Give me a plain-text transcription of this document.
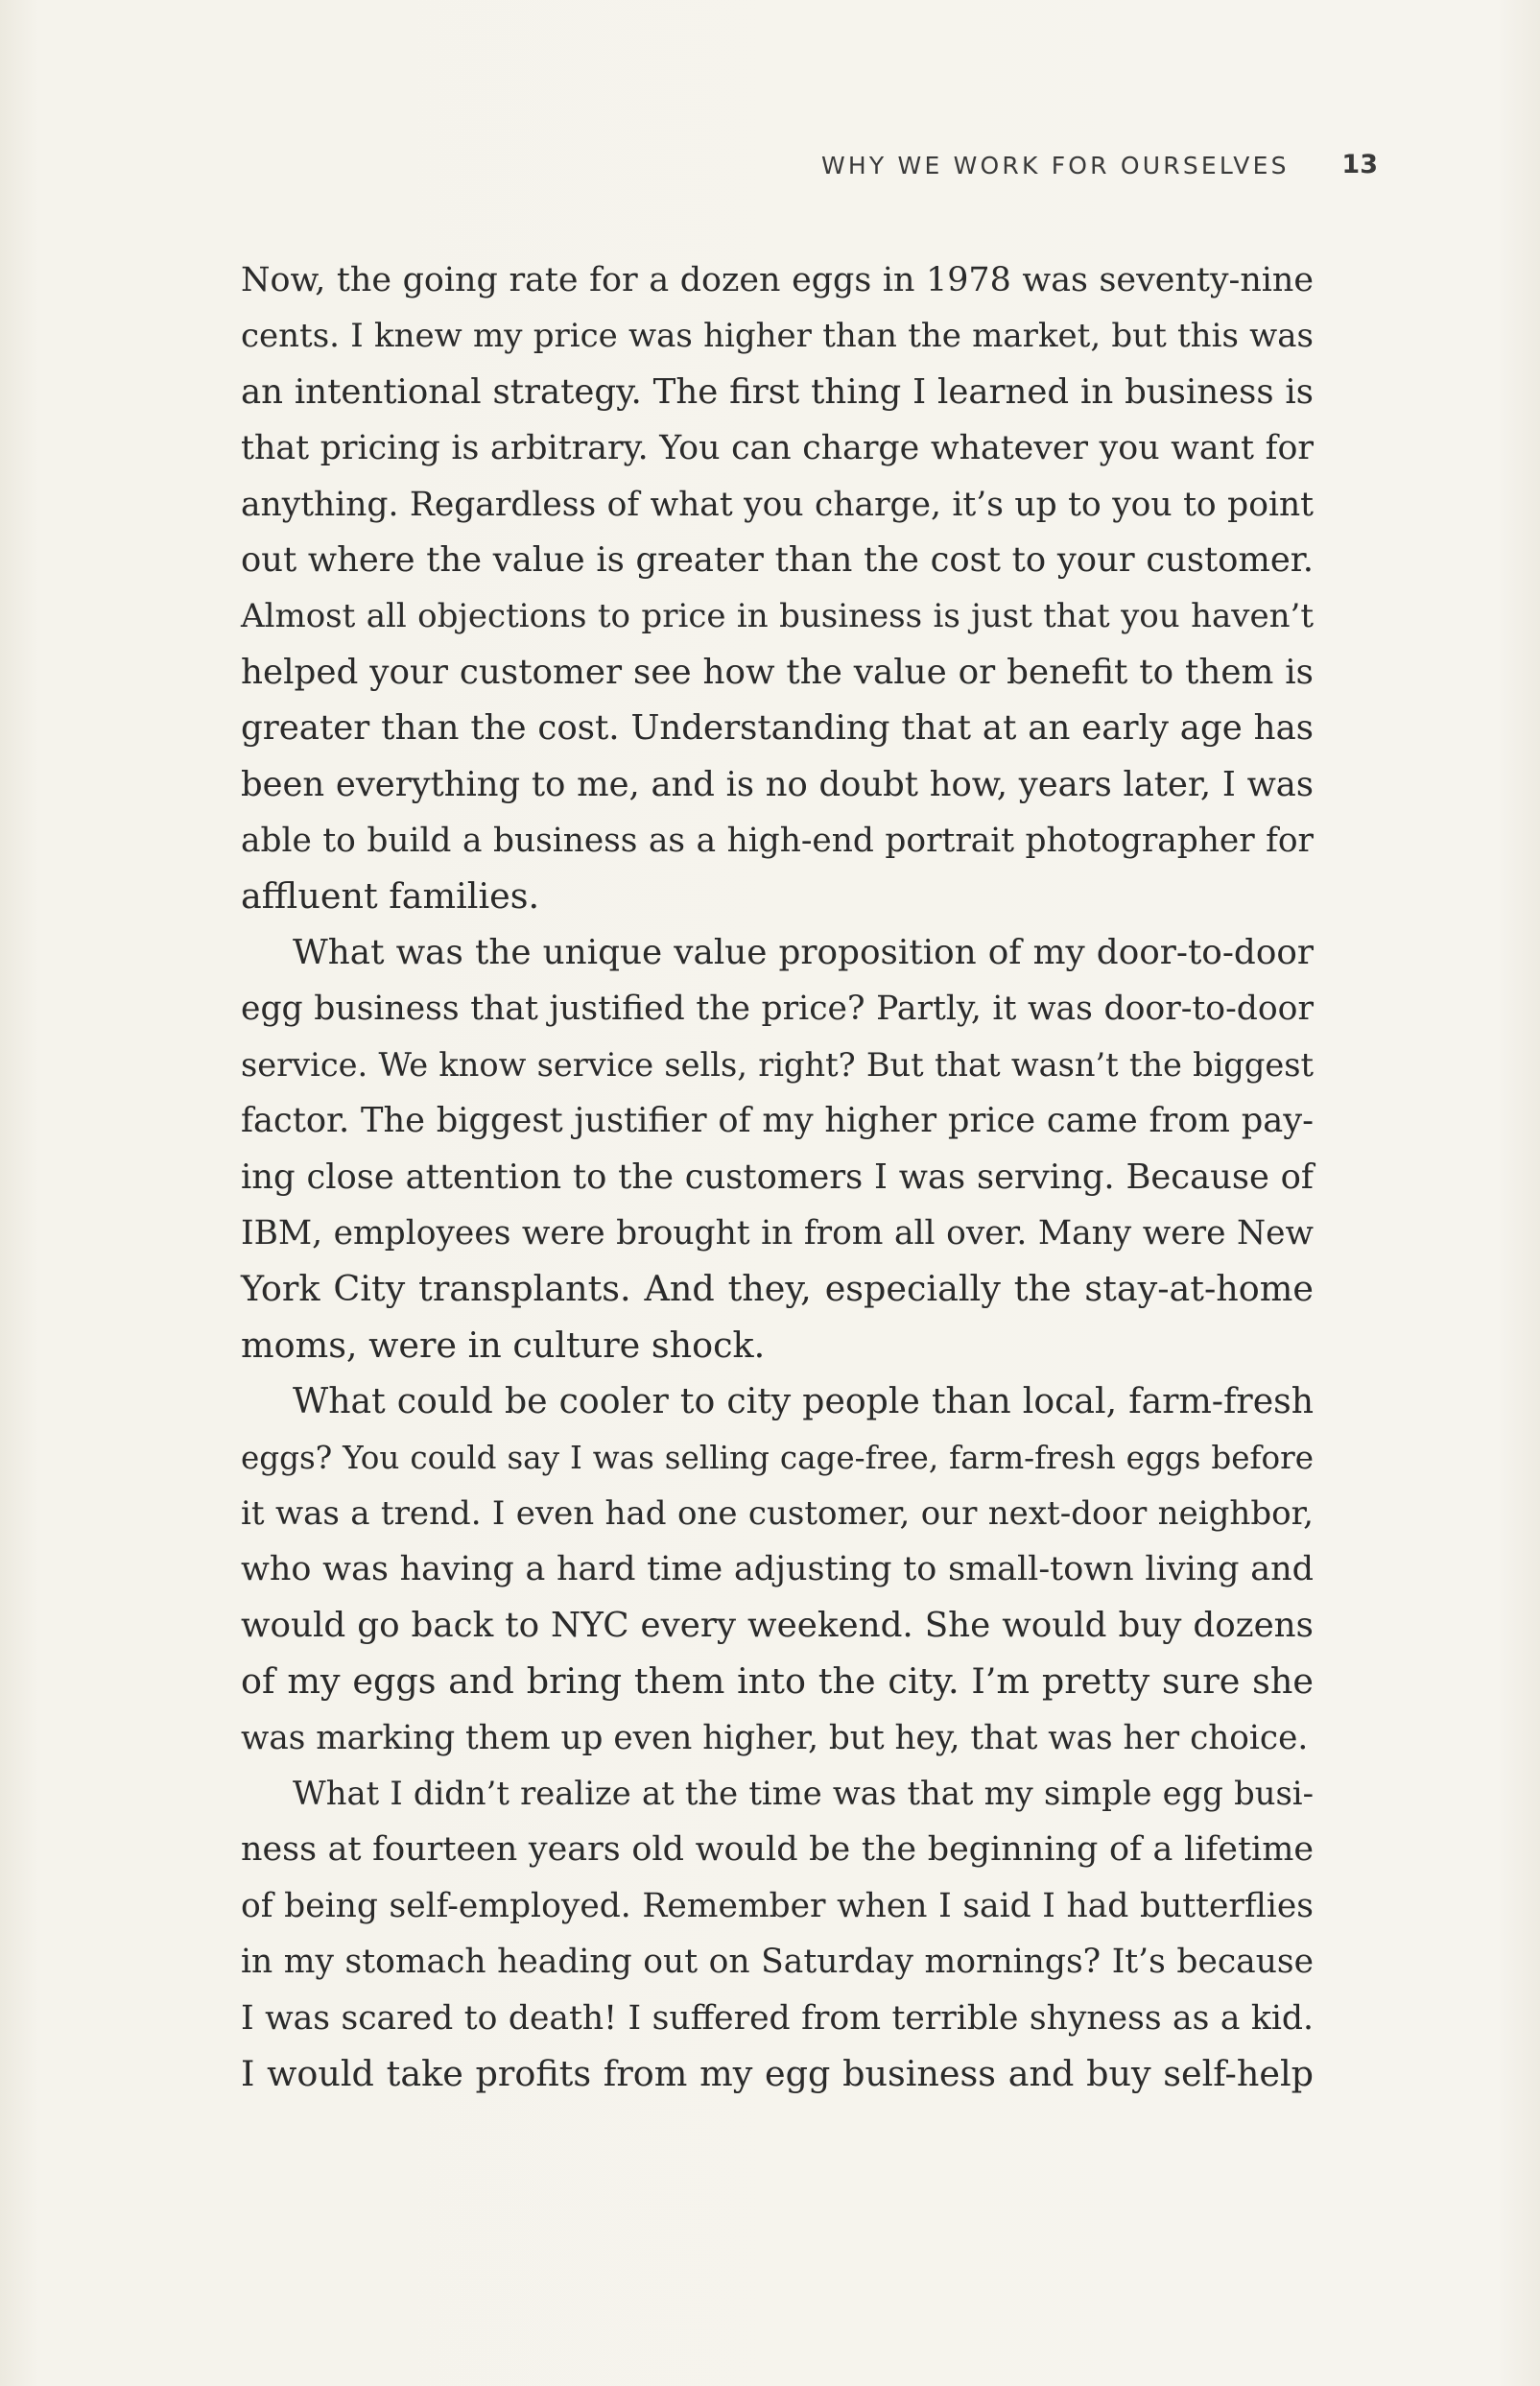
WHY WE WORK FOR OURSELVES 13

Now, the going rate for a dozen eggs in 1978 was seventy-nine
cents. I knew my price was higher than the market, but this was
an intentional strategy. The first thing I learned in business is
that pricing is arbitrary. You can charge whatever you want for
anything. Regardless of what you charge, it’s up to you to point
out where the value is greater than the cost to your customer.
Almost all objections to price in business is just that you haven’t
helped your customer see how the value or benefit to them is
greater than the cost. Understanding that at an early age has
been everything to me, and is no doubt how, years later, I was
able to build a business as a high-end portrait photographer for
affluent families.

What was the unique value proposition of my door-to-door
egg business that justified the price? Partly, it was door-to-door
service. We know service sells, right? But that wasn’t the biggest
factor. The biggest justifier of my higher price came from pay-
ing close attention to the customers I was serving. Because of
IBM, employees were brought in from all over. Many were New
York City transplants. And they, especially the stay-at-home
moms, were in culture shock.

What could be cooler to city people than local, farm-fresh
eggs? You could say I was selling cage-free, farm-fresh eggs before
it was a trend. I even had one customer, our next-door neighbor,
who was having a hard time adjusting to small-town living and
would go back to NYC every weekend. She would buy dozens
of my eggs and bring them into the city. I’m pretty sure she
was marking them up even higher, but hey, that was her choice.

What I didn’t realize at the time was that my simple egg busi-
ness at fourteen years old would be the beginning of a lifetime
of being self-employed. Remember when I said I had butterflies
in my stomach heading out on Saturday mornings? It’s because
I was scared to death! I suffered from terrible shyness as a kid.
I would take profits from my egg business and buy self-help
